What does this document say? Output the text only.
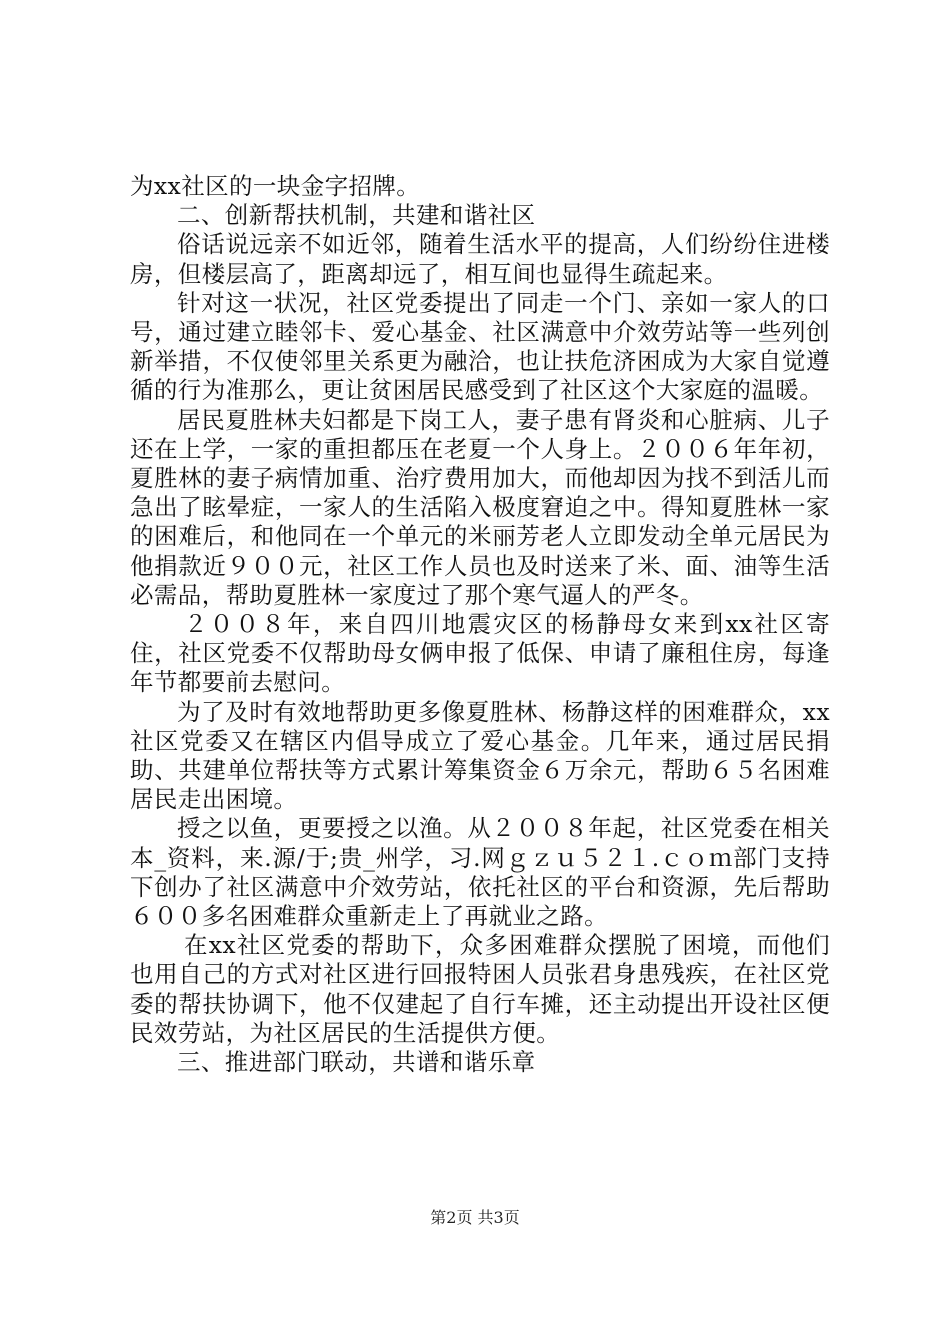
为xx社区的一块金字招牌。

二、创新帮扶机制，共建和谐社区

俗话说远亲不如近邻，随着生活水平的提高，人们纷纷住进楼房，但楼层高了，距离却远了，相互间也显得生疏起来。

针对这一状况，社区党委提出了同走一个门、亲如一家人的口号，通过建立睦邻卡、爱心基金、社区满意中介效劳站等一些列创新举措，不仅使邻里关系更为融洽，也让扶危济困成为大家自觉遵循的行为准那么，更让贫困居民感受到了社区这个大家庭的温暖。

居民夏胜林夫妇都是下岗工人，妻子患有肾炎和心脏病、儿子还在上学，一家的重担都压在老夏一个人身上。２００６年年初，夏胜林的妻子病情加重、治疗费用加大，而他却因为找不到活儿而急出了眩晕症，一家人的生活陷入极度窘迫之中。得知夏胜林一家的困难后，和他同在一个单元的米丽芳老人立即发动全单元居民为他捐款近９００元，社区工作人员也及时送来了米、面、油等生活必需品，帮助夏胜林一家度过了那个寒气逼人的严冬。

２００８年，来自四川地震灾区的杨静母女来到xx社区寄住，社区党委不仅帮助母女俩申报了低保、申请了廉租住房，每逢年节都要前去慰问。

为了及时有效地帮助更多像夏胜林、杨静这样的困难群众，xx社区党委又在辖区内倡导成立了爱心基金。几年来，通过居民捐助、共建单位帮扶等方式累计筹集资金６万余元，帮助６５名困难居民走出困境。

授之以鱼，更要授之以渔。从２００８年起，社区党委在相关本_资料，来.源/于;贵_州学，习.网ｇｚｕ５２１.ｃｏｍ部门支持下创办了社区满意中介效劳站，依托社区的平台和资源，先后帮助６００多名困难群众重新走上了再就业之路。

在xx社区党委的帮助下，众多困难群众摆脱了困境，而他们也用自己的方式对社区进行回报特困人员张君身患残疾，在社区党委的帮扶协调下，他不仅建起了自行车摊，还主动提出开设社区便民效劳站，为社区居民的生活提供方便。

三、推进部门联动，共谱和谐乐章

第2页 共3页
